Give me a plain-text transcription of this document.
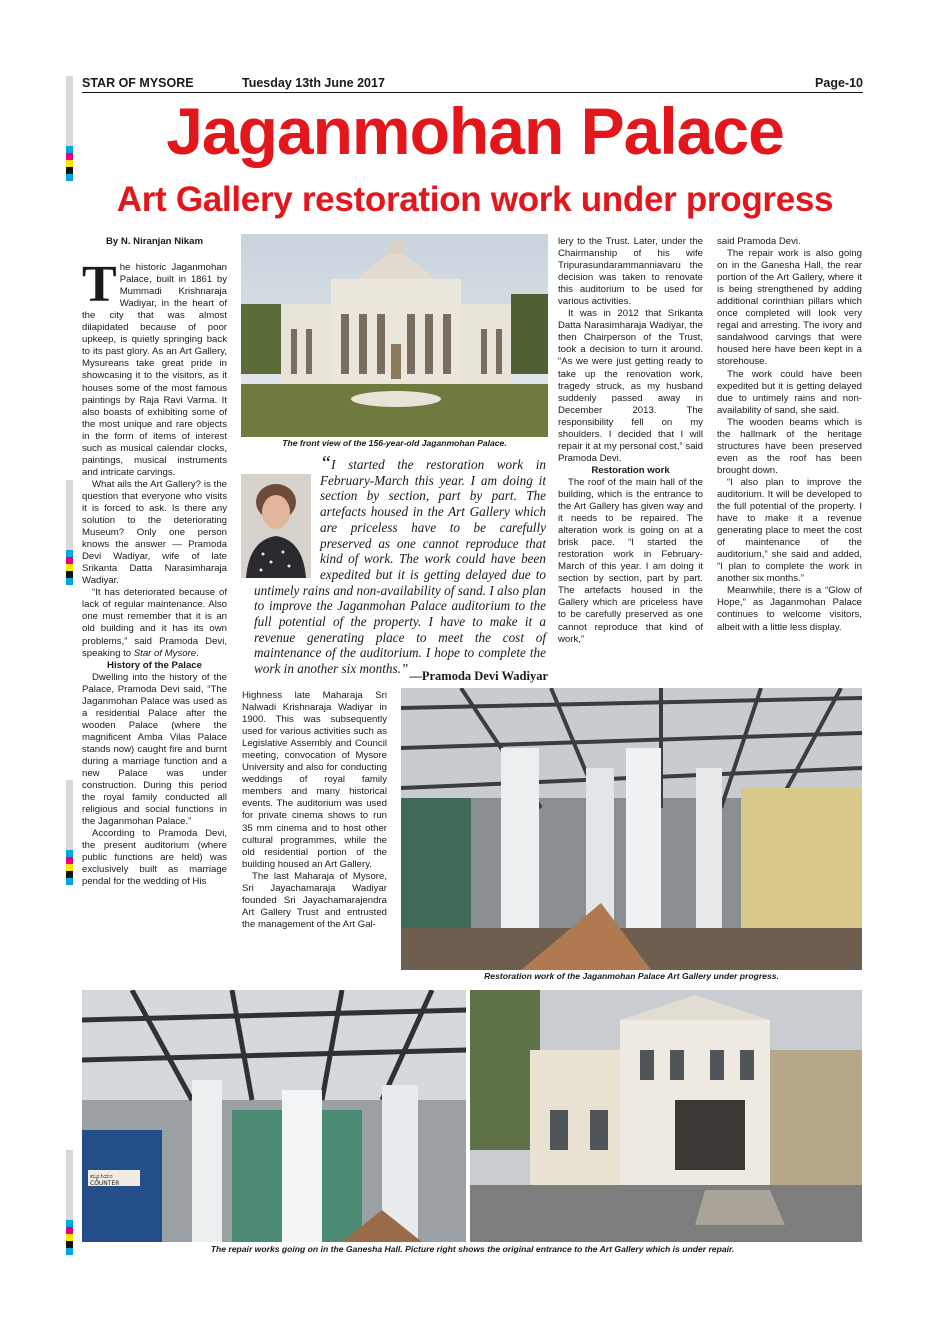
STAR OF MYSORE	Tuesday 13th June 2017	Page-10
Jaganmohan Palace
Art Gallery restoration work under progress
By N. Niranjan Nikam

The historic Jaganmohan Palace, built in 1861 by Mummadi Krishnaraja Wadiyar, in the heart of the city that was almost dilapidated because of poor upkeep, is quietly springing back to its past glory. As an Art Gallery, Mysureans take great pride in showcasing it to the visitors, as it houses some of the most famous paintings by Raja Ravi Varma. It also boasts of exhibiting some of the most unique and rare objects in the form of items of interest such as musical calendar clocks, paintings, musical instruments and intricate carvings.

What ails the Art Gallery? is the question that everyone who visits it is forced to ask. Is there any solution to the deteriorating Museum? Only one person knows the answer — Pramoda Devi Wadiyar, wife of late Srikanta Datta Narasimharaja Wadiyar.

“It has deteriorated because of lack of regular maintenance. Also one must remember that it is an old building and it has its own problems,” said Pramoda Devi, speaking to Star of Mysore.

History of the Palace

Dwelling into the history of the Palace, Pramoda Devi said, “The Jaganmohan Palace was used as a residential Palace after the wooden Palace (where the magnificent Amba Vilas Palace stands now) caught fire and burnt during a marriage function and a new Palace was under construction. During this period the royal family conducted all religious and social functions in the Jaganmohan Palace.”

According to Pramoda Devi, the present auditorium (where public functions are held) was exclusively built as marriage pendal for the wedding of His

The front view of the 156-year-old Jaganmohan Palace.
“I started the restoration work in February-March this year. I am doing it section by section, part by part. The artefacts housed in the Art Gallery which are priceless have to be carefully preserved as one cannot reproduce that kind of work. The work could have been expedited but it is getting delayed due to untimely rains and non-availability of sand. I also plan to improve the Jaganmohan Palace auditorium to the full potential of the property. I have to make it a revenue generating place to meet the cost of maintenance of the auditorium. I hope to complete the work in another six months.” —Pramoda Devi Wadiyar

Highness late Maharaja Sri Nalwadi Krishnaraja Wadiyar in 1900. This was subsequently used for various activities such as Legislative Assembly and Council meeting, convocation of Mysore University and also for conducting weddings of royal family members and many historical events. The auditorium was used for private cinema shows to run 35 mm cinema and to host other cultural programmes, while the old residential portion of the building housed an Art Gallery.

The last Maharaja of Mysore, Sri Jayachamaraja Wadiyar founded Sri Jayachamarajendra Art Gallery Trust and entrusted the management of the Art Gal-

lery to the Trust. Later, under the Chairmanship of his wife Tripurasundarammanniavaru the decision was taken to renovate this auditorium to be used for various activities.

It was in 2012 that Srikanta Datta Narasimharaja Wadiyar, the then Chairperson of the Trust, took a decision to turn it around. “As we were just getting ready to take up the renovation work, tragedy struck, as my husband suddenly passed away in December 2013. The responsibility fell on my shoulders. I decided that I will repair it at my personal cost,” said Pramoda Devi.

Restoration work

The roof of the main hall of the building, which is the entrance to the Art Gallery has given way and it needs to be repaired. The alteration work is going on at a brisk pace. “I started the restoration work in February-March of this year. I am doing it section by section, part by part. The artefacts housed in the Gallery which are priceless have to be carefully preserved as one cannot reproduce that kind of work,”

said Pramoda Devi.

The repair work is also going on in the Ganesha Hall, the rear portion of the Art Gallery, where it is being strengthened by adding additional corinthian pillars which once completed will look very regal and arresting. The ivory and sandalwood carvings that were housed here have been kept in a storehouse.

The work could have been expedited but it is getting delayed due to untimely rains and non-availability of sand, she said.

The wooden beams which is the hallmark of the heritage structures have been preserved even as the roof has been brought down.

“I also plan to improve the auditorium. It will be developed to the full potential of the property. I have to make it a revenue generating place to meet the cost of maintenance of the auditorium,” she said and added, “I plan to complete the work in another six months.”

Meanwhile, there is a “Glow of Hope,” as Jaganmohan Palace continues to welcome visitors, albeit with a little less display.

Restoration work of the Jaganmohan Palace Art Gallery under progress.
ಮ್ಯೂಸಿಯಂ
COUNTER
The repair works going on in the Ganesha Hall. Picture right shows the original entrance to the Art Gallery which is under repair.
